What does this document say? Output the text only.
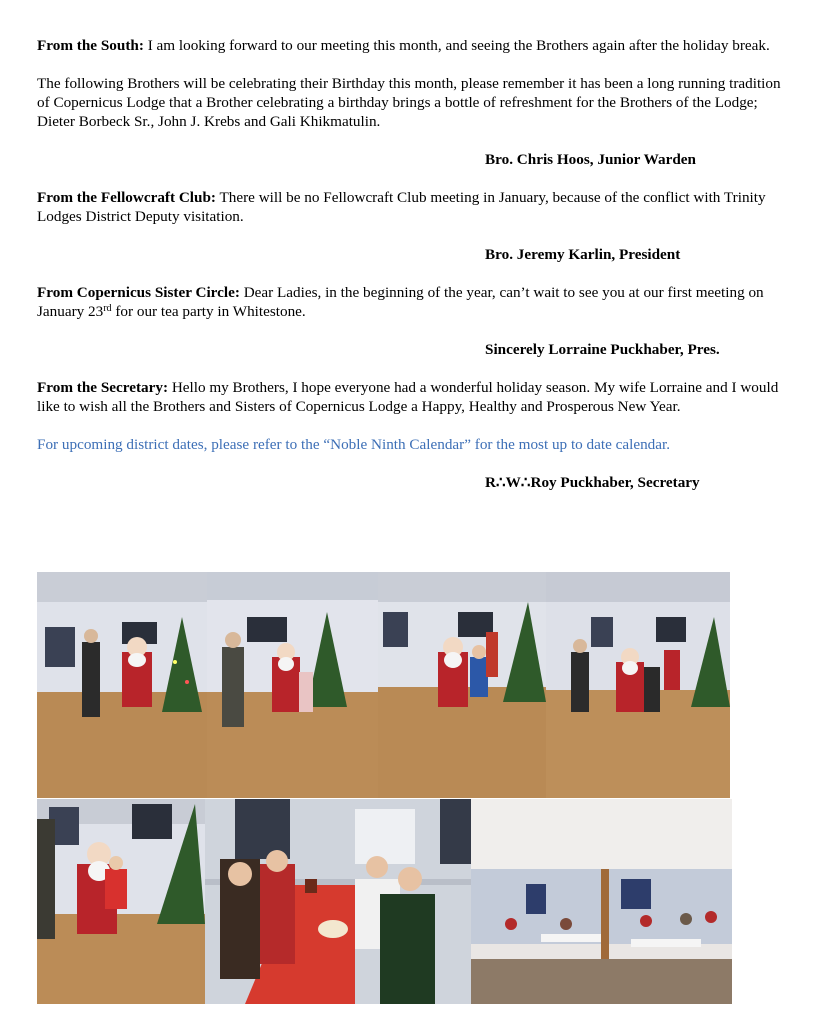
From the South: I am looking forward to our meeting this month, and seeing the Brothers again after the holiday break.

The following Brothers will be celebrating their Birthday this month, please remember it has been a long running tradition of Copernicus Lodge that a Brother celebrating a birthday brings a bottle of refreshment for the Brothers of the Lodge; Dieter Borbeck Sr., John J. Krebs and Gali Khikmatulin.

Bro. Chris Hoos, Junior Warden

From the Fellowcraft Club: There will be no Fellowcraft Club meeting in January, because of the conflict with Trinity Lodges District Deputy visitation.

Bro. Jeremy Karlin, President

From Copernicus Sister Circle: Dear Ladies, in the beginning of the year, can’t wait to see you at our first meeting on January 23rd for our tea party in Whitestone.

Sincerely Lorraine Puckhaber, Pres.

From the Secretary: Hello my Brothers, I hope everyone had a wonderful holiday season. My wife Lorraine and I would like to wish all the Brothers and Sisters of Copernicus Lodge a Happy, Healthy and Prosperous New Year.

For upcoming district dates, please refer to the “Noble Ninth Calendar” for the most up to date calendar.

R∴W∴Roy Puckhaber, Secretary
